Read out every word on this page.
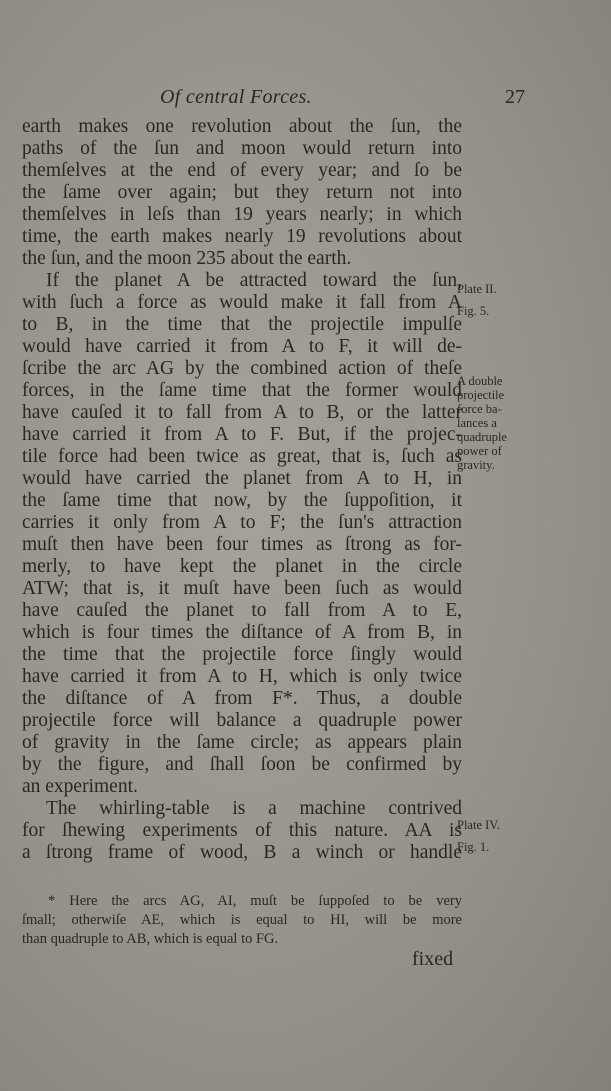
Of central Forces.	27
earth makes one revolution about the ſun, the
paths of the ſun and moon would return into
themſelves at the end of every year; and ſo be
the ſame over again; but they return not into
themſelves in leſs than 19 years nearly; in which
time, the earth makes nearly 19 revolutions about
the ſun, and the moon 235 about the earth.
If the planet A be attracted toward the ſun,
with ſuch a force as would make it fall from A
to B, in the time that the projectile impulſe
would have carried it from A to F, it will de-
ſcribe the arc AG by the combined action of theſe
forces, in the ſame time that the former would
have cauſed it to fall from A to B, or the latter
have carried it from A to F. But, if the projec-
tile force had been twice as great, that is, ſuch as
would have carried the planet from A to H, in
the ſame time that now, by the ſuppoſition, it
carries it only from A to F; the ſun's attraction
muſt then have been four times as ſtrong as for-
merly, to have kept the planet in the circle
ATW; that is, it muſt have been ſuch as would
have cauſed the planet to fall from A to E,
which is four times the diſtance of A from B, in
the time that the projectile force ſingly would
have carried it from A to H, which is only twice
the diſtance of A from F*. Thus, a double
projectile force will balance a quadruple power
of gravity in the ſame circle; as appears plain
by the figure, and ſhall ſoon be confirmed by
an experiment.
The whirling-table is a machine contrived
for ſhewing experiments of this nature. AA is
a ſtrong frame of wood, B a winch or handle
Plate II.
Fig. 5.
A double
projectile
force ba-
lances a
quadruple
power of
gravity.
Plate IV.
Fig. 1.
* Here the arcs AG, AI, muſt be ſuppoſed to be very
ſmall; otherwiſe AE, which is equal to HI, will be more
than quadruple to AB, which is equal to FG.
fixed
